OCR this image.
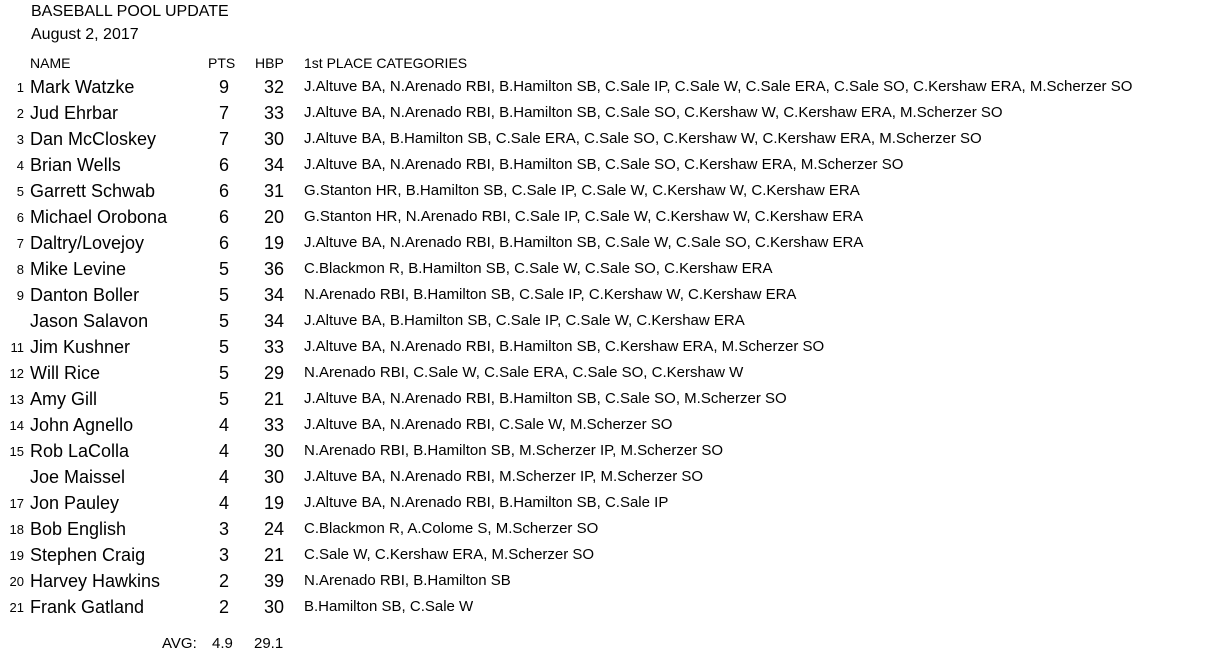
BASEBALL POOL UPDATE
August 2, 2017
NAME	PTS HBP 1st PLACE CATEGORIES
1 Mark Watzke	9	32 J.Altuve BA, N.Arenado RBI, B.Hamilton SB, C.Sale IP, C.Sale W, C.Sale ERA, C.Sale SO, C.Kershaw ERA, M.Scherzer SO
2 Jud Ehrbar	7	33 J.Altuve BA, N.Arenado RBI, B.Hamilton SB, C.Sale SO, C.Kershaw W, C.Kershaw ERA, M.Scherzer SO
3 Dan McCloskey	7	30 J.Altuve BA, B.Hamilton SB, C.Sale ERA, C.Sale SO, C.Kershaw W, C.Kershaw ERA, M.Scherzer SO
4 Brian Wells	6	34 J.Altuve BA, N.Arenado RBI, B.Hamilton SB, C.Sale SO, C.Kershaw ERA, M.Scherzer SO
5 Garrett Schwab	6	31 G.Stanton HR, B.Hamilton SB, C.Sale IP, C.Sale W, C.Kershaw W, C.Kershaw ERA
6 Michael Orobona	6	20 G.Stanton HR, N.Arenado RBI, C.Sale IP, C.Sale W, C.Kershaw W, C.Kershaw ERA
7 Daltry/Lovejoy	6	19 J.Altuve BA, N.Arenado RBI, B.Hamilton SB, C.Sale W, C.Sale SO, C.Kershaw ERA
8 Mike Levine	5	36 C.Blackmon R, B.Hamilton SB, C.Sale W, C.Sale SO, C.Kershaw ERA
9 Danton Boller	5	34 N.Arenado RBI, B.Hamilton SB, C.Sale IP, C.Kershaw W, C.Kershaw ERA
Jason Salavon	5	34 J.Altuve BA, B.Hamilton SB, C.Sale IP, C.Sale W, C.Kershaw ERA
11 Jim Kushner	5	33 J.Altuve BA, N.Arenado RBI, B.Hamilton SB, C.Kershaw ERA, M.Scherzer SO
12 Will Rice	5	29 N.Arenado RBI, C.Sale W, C.Sale ERA, C.Sale SO, C.Kershaw W
13 Amy Gill	5	21 J.Altuve BA, N.Arenado RBI, B.Hamilton SB, C.Sale SO, M.Scherzer SO
14 John Agnello	4	33 J.Altuve BA, N.Arenado RBI, C.Sale W, M.Scherzer SO
15 Rob LaColla	4	30 N.Arenado RBI, B.Hamilton SB, M.Scherzer IP, M.Scherzer SO
Joe Maissel	4	30 J.Altuve BA, N.Arenado RBI, M.Scherzer IP, M.Scherzer SO
17 Jon Pauley	4	19 J.Altuve BA, N.Arenado RBI, B.Hamilton SB, C.Sale IP
18 Bob English	3	24 C.Blackmon R, A.Colome S, M.Scherzer SO
19 Stephen Craig	3	21 C.Sale W, C.Kershaw ERA, M.Scherzer SO
20 Harvey Hawkins	2	39 N.Arenado RBI, B.Hamilton SB
21 Frank Gatland	2	30 B.Hamilton SB, C.Sale W
AVG: 4.9 29.1
